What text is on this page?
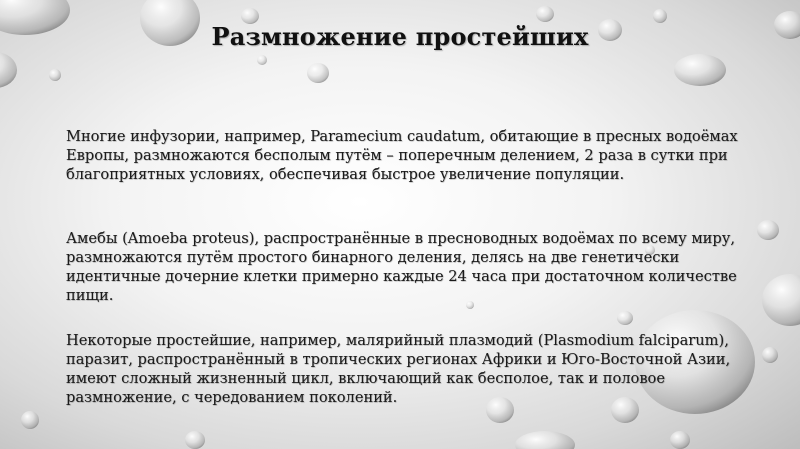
Размножение простейших

Многие инфузории, например, Paramecium caudatum, обитающие в пресных водоёмах Европы, размножаются бесполым путём – поперечным делением, 2 раза в сутки при благоприятных условиях, обеспечивая быстрое увеличение популяции.

Амебы (Amoeba proteus), распространённые в пресноводных водоёмах по всему миру, размножаются путём простого бинарного деления, делясь на две генетически идентичные дочерние клетки примерно каждые 24 часа при достаточном количестве пищи.

Некоторые простейшие, например, малярийный плазмодий (Plasmodium falciparum), паразит, распространённый в тропических регионах Африки и Юго-Восточной Азии, имеют сложный жизненный цикл, включающий как бесполое, так и половое размножение, с чередованием поколений.
